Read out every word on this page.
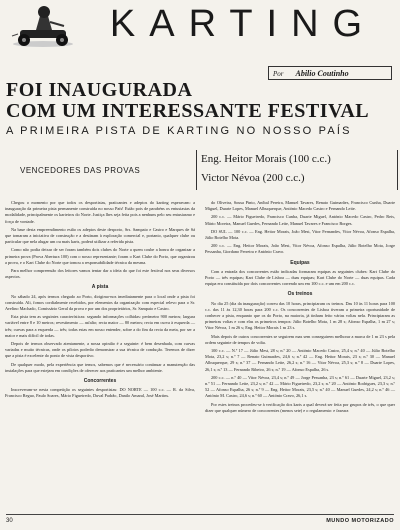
KARTING
Por Abilio Coutinho
FOI INAUGURADA
COM UM INTERESSANTE FESTIVAL
A PRIMEIRA PISTA DE KARTING NO NOSSO PAÍS
VENCEDORES DAS PROVAS
Eng. Heitor Morais (100 c.c.)
Victor Névoa (200 c.c.)

Chegou o momento por que todos os desportistas, praticantes e adeptos do karting esperavam: a inauguração da primeira pista permanente construída no nosso País! Estão pois de parabéns os entusiastas da modalidade, principalmente os karteiros do Norte. Justiça lhes seja feita pois a nenhuns pelo seu entusiasmo e força de vontade.

Na base desta empreendimento estão os adeptos deste desporto, Srs. Sampaio e Castro e Marques de Sá que tomaram a iniciativa de construção e a destinam à exploração comercial e, portanto, qualquer clube ou particular que nela alugar um ou mais karts, poderá utilizar a referida pista.

Como não podia deixar de ser foram também dois clubes do Norte a quem coube a honra de organizar a primeira prova (Prova Abertura 100) com o nosso representante; foram o Kart Clube do Porto, que organizou a prova, e o Kart Clube do Norte que tomou a responsabilidade técnica da mesma.

Para melhor compreensão dos leitores vamos tentar dar a ideia do que foi este festival nos seus diversos aspectos.

A pista

No sábado 24, após termos chegado ao Porto, dirigimo-nos imediatamente para o local onde a pista foi construída. Ali, fomos cordialmente recebidos, por elementos da organização com especial relevo para o Sr. Avelino Machado, Comissário Geral da prova e por um dos proprietários, Sr. Sampaio e Castro.

Esta pista tem as seguintes características: segundo informações colhidas: perímetro 900 metros; largura variável entre 8 e 10 metros; revestimento — asfalto; recta maior — 80 metros; recta em curva à esquerda — três; curvas para a esquerda — três; todas estas em nosso entender, sobre a do fim da recta da meta, por ser a maior e mais difícil de todas.

Depois de termos observado atentamente, a nossa opinião é a seguinte: é bem desenhada, com curvas variadas e muito técnicas, onde os pilotos poderão demonstrar a sua técnica de condução. Teremos de dizer que a pista é excelente do ponto de vista desportivo.

De qualquer modo, pela experiência que temos, sabemos que é necessário continuar a manutenção das instalações para que estejam em condições de oferecer aos praticantes um melhor ambiente.

Concorrentes

Inscreveram-se nesta competição os seguintes desportistas: DO NORTE — 100 c.c. — R. da Silva, Francisco Reguo, Paulo Soares, Mário Figueiredo, Duval Padrão, Danilo Amaral, José Martins.

do Oliveira, Sousa Pinto, Aníbal Pereira, Manuel Tavares, Renato Guimarães, Francisco Cunha, Duarte Miguel, Duarte Lopes, Manuel Albuquerque, António Macedo Castro e Fernando Leite.

200 c.c. — Mário Figueiredo, Francisco Cunha, Duarte Miguel, António Macedo Castro, Pedro Reis, Mário Moreira, Manuel Guedes, Fernando Leite, Manuel Tavares e Francisco Borges.

DO SUL — 100 c.c. — Eng. Heitor Morais, João Mest, Vitor Fernandes, Vitor Névoa, Afonso Espalha, Júlio Botelho Mota.

200 c.c. — Eng. Heitor Morais, João Mest, Vitor Névoa, Afonso Espalha, Júlio Botelho Mota, Jorge Pessanha, Giordano Ferreira e António Cravo.

Equipas

Com a entrada dos concorrentes estão indicadas formaram equipas as seguintes clubes: Kart Clube do Porto — três equipas; Kart Clube de Lisboa — duas equipas; Kart Clube do Norte — duas equipas. Cada equipa era constituída por dois concorrentes correndo um em 100 c.c. e um em 200 c.c.

Os treinos

No dia 25 (dia da inauguração) correu das 10 horas, principiaram os treinos. Das 10 às 11 horas para 100 c.c. das 11 às 12,30 horas para 200 c.c. Os concorrentes de Lisboa tiveram a primeira oportunidade de conhecer a pista, enquanto que os do Porto, na maioria, já tinham feito várias voltas nela. Principiaram as primeiras voltas e com elas os primeiros tempos: Júlio Botelho Mota, 1 m 28 s; Afonso Espalha, 1 m 27 s; Vitor Névoa, 1 m 26 s; Eng. Heitor Morais 1 m 23 s.

Mais depois de outros concorrentes se seguirem mas sem conseguirem melhorar a marca de 1 m 23 s pela ordem seguinte de tempos de volta.

100 c.c. — N.º 17 — Júlio Mest, 28 s; n.º 20 — António Macedo Castro, 25,4 s; n.º 40 — Júlio Botelho Mota, 23,2 s; n.º 7 — Renato Guimarães, 24,6 s; n.º 42 — Eng. Heitor Morais, 23 s; n.º 30 — Manuel Albuquerque, 29 s; n.º 37 — Fernando Leite, 26,2 s; n.º 16 — Vitor Névoa, 25,3 s; n.º 8 — Duarte Lopes, 26,1 s; n.º 13 — Fernando Ribeiro, 26 s; n.º 19 — Afonso Espalha, 26 s.

200 c.c. — n.º 40 — Vitor Névoa, 23,4 s; n.º 49 — Jorge Pessanha, 23 s; n.º 61 — Duarte Miguel, 23,2 s; n.º 51 — Fernando Leite, 23,2 s; n.º 42 — Mário Figueiredo, 23,2 s; n.º 20 — António Rodrigues, 23,3 s; n.º 52 — Afonso Espalha, 26 s; n.º 9 — Eng. Heitor Morais, 23,5 s; n.º 40 — Manuel Guedes, 24,2 s; n.º 46 — António M. Castro, 24,6 s; n.º 60 — António Cravo, 26,1 s.

Por estes treinos procedeu-se à verificação dos karts a qual deverá ser feita por grupos de três, o que quer dizer que qualquer número de concorrentes (menos sete) e o regulamento: e faseara

30	MUNDO MOTORIZADO
